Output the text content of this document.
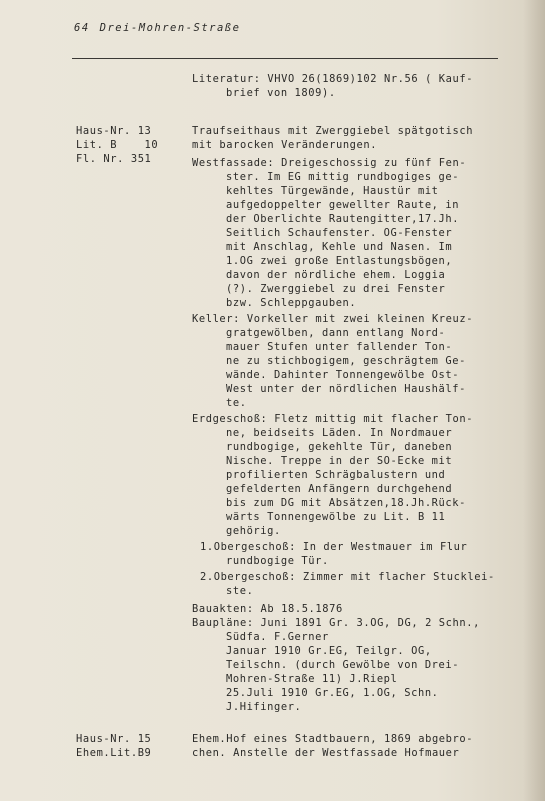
64 Drei-Mohren-Straße
Literatur: VHVO 26(1869)102 Nr.56 ( Kauf-
brief von 1809).
Haus-Nr. 13
Lit. B    10
Fl. Nr. 351
Traufseithaus mit Zwerggiebel spätgotisch
mit barocken Veränderungen.
Westfassade: Dreigeschossig zu fünf Fen-
ster. Im EG mittig rundbogiges ge-
kehltes Türgewände, Haustür mit
aufgedoppelter gewellter Raute, in
der Oberlichte Rautengitter,17.Jh.
Seitlich Schaufenster. OG-Fenster
mit Anschlag, Kehle und Nasen. Im
1.OG zwei große Entlastungsbögen,
davon der nördliche ehem. Loggia
(?). Zwerggiebel zu drei Fenster
bzw. Schleppgauben.
Keller: Vorkeller mit zwei kleinen Kreuz-
gratgewölben, dann entlang Nord-
mauer Stufen unter fallender Ton-
ne zu stichbogigem, geschrägtem Ge-
wände. Dahinter Tonnengewölbe Ost-
West unter der nördlichen Haushälf-
te.
Erdgeschoß: Fletz mittig mit flacher Ton-
ne, beidseits Läden. In Nordmauer
rundbogige, gekehlte Tür, daneben
Nische. Treppe in der SO-Ecke mit
profilierten Schrägbalustern und
gefelderten Anfängern durchgehend
bis zum DG mit Absätzen,18.Jh.Rück-
wärts Tonnengewölbe zu Lit. B 11
gehörig.
1.Obergeschoß: In der Westmauer im Flur
rundbogige Tür.
2.Obergeschoß: Zimmer mit flacher Stucklei-
ste.
Bauakten: Ab 18.5.1876
Baupläne: Juni 1891 Gr. 3.OG, DG, 2 Schn.,
Südfa. F.Gerner
Januar 1910 Gr.EG, Teilgr. OG,
Teilschn. (durch Gewölbe von Drei-
Mohren-Straße 11) J.Riepl
25.Juli 1910 Gr.EG, 1.OG, Schn.
J.Hifinger.
Haus-Nr. 15
Ehem.Lit.B9
Ehem.Hof eines Stadtbauern, 1869 abgebro-
chen. Anstelle der Westfassade Hofmauer
